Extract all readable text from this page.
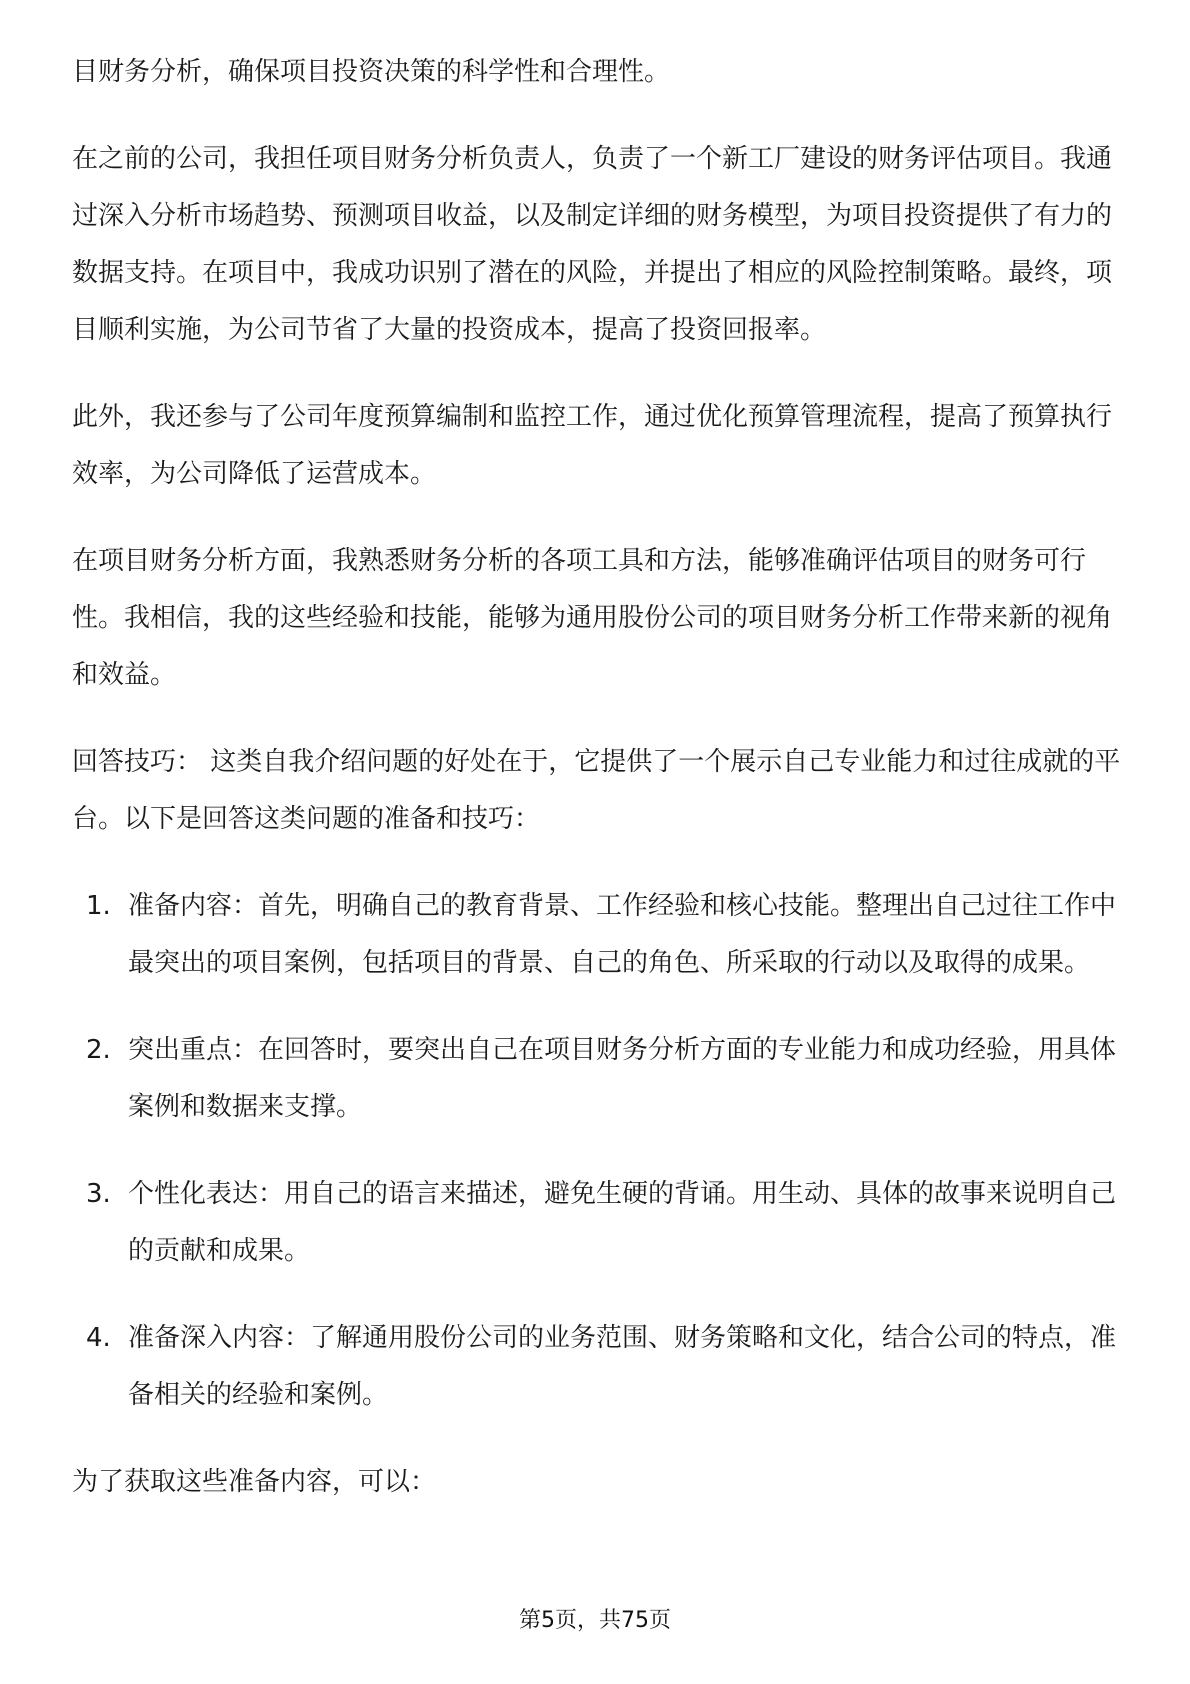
目财务分析，确保项目投资决策的科学性和合理性。

在之前的公司，我担任项目财务分析负责人，负责了一个新工厂建设的财务评估项目。我通过深入分析市场趋势、预测项目收益，以及制定详细的财务模型，为项目投资提供了有力的数据支持。在项目中，我成功识别了潜在的风险，并提出了相应的风险控制策略。最终，项目顺利实施，为公司节省了大量的投资成本，提高了投资回报率。

此外，我还参与了公司年度预算编制和监控工作，通过优化预算管理流程，提高了预算执行效率，为公司降低了运营成本。

在项目财务分析方面，我熟悉财务分析的各项工具和方法，能够准确评估项目的财务可行性。我相信，我的这些经验和技能，能够为通用股份公司的项目财务分析工作带来新的视角和效益。

回答技巧： 这类自我介绍问题的好处在于，它提供了一个展示自己专业能力和过往成就的平台。以下是回答这类问题的准备和技巧：

1. 准备内容：首先，明确自己的教育背景、工作经验和核心技能。整理出自己过往工作中最突出的项目案例，包括项目的背景、自己的角色、所采取的行动以及取得的成果。
2. 突出重点：在回答时，要突出自己在项目财务分析方面的专业能力和成功经验，用具体案例和数据来支撑。
3. 个性化表达：用自己的语言来描述，避免生硬的背诵。用生动、具体的故事来说明自己的贡献和成果。
4. 准备深入内容：了解通用股份公司的业务范围、财务策略和文化，结合公司的特点，准备相关的经验和案例。

为了获取这些准备内容，可以：

第5页，共75页
